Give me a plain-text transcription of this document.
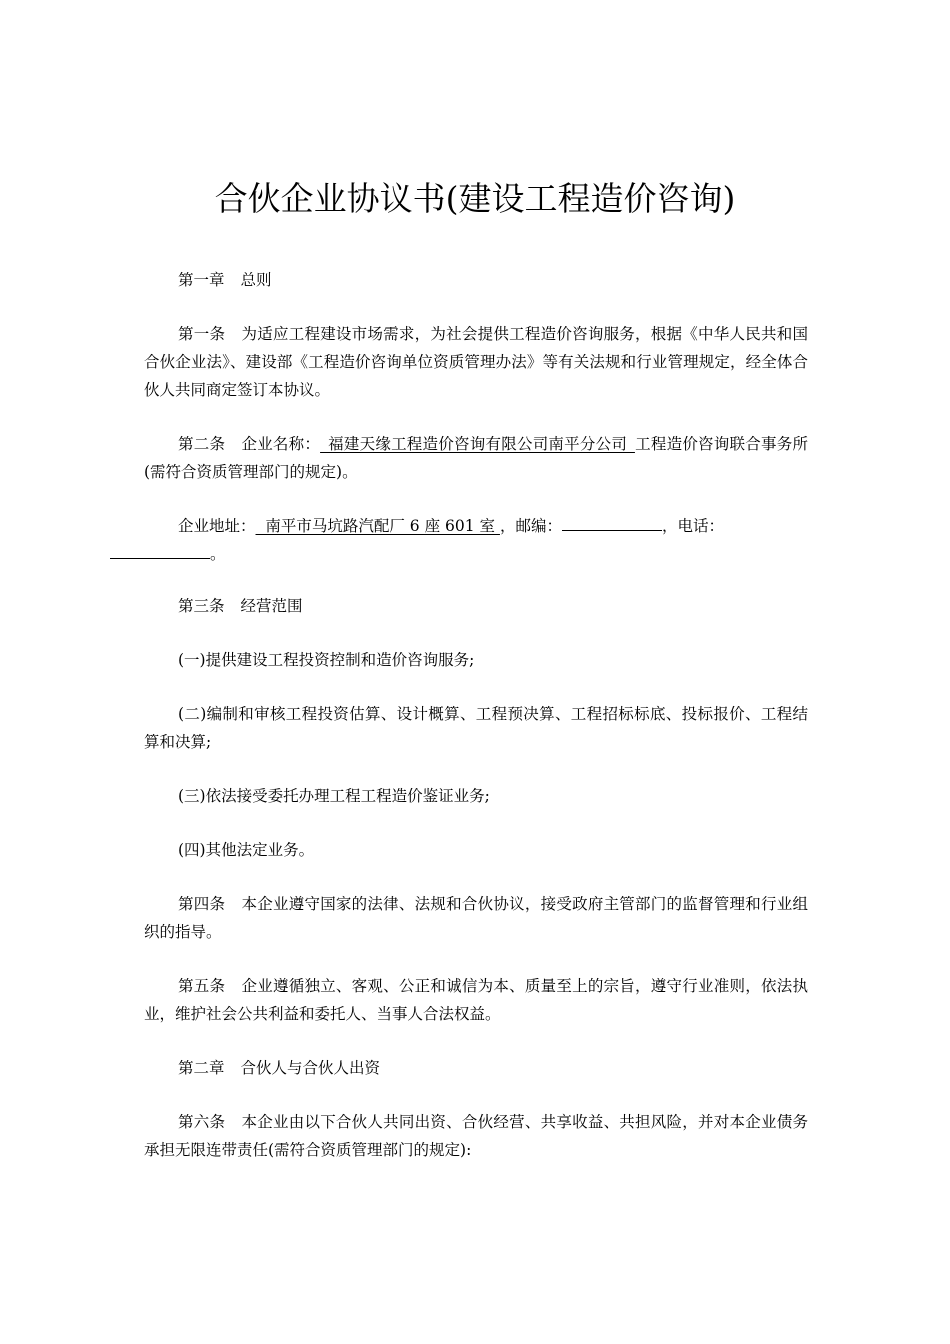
合伙企业协议书(建设工程造价咨询)

第一章 总则

第一条 为适应工程建设市场需求，为社会提供工程造价咨询服务，根据《中华人民共和国合伙企业法》、建设部《工程造价咨询单位资质管理办法》等有关法规和行业管理规定，经全体合伙人共同商定签订本协议。

第二条 企业名称：_福建天缘工程造价咨询有限公司南平分公司_工程造价咨询联合事务所(需符合资质管理部门的规定)。

企业地址：  南平市马坑路汽配厂 6 座 601 室 ，邮编：	，电话：
。

第三条 经营范围

(一)提供建设工程投资控制和造价咨询服务;

(二)编制和审核工程投资估算、设计概算、工程预决算、工程招标标底、投标报价、工程结算和决算;

(三)依法接受委托办理工程工程造价鉴证业务;

(四)其他法定业务。

第四条 本企业遵守国家的法律、法规和合伙协议，接受政府主管部门的监督管理和行业组织的指导。

第五条 企业遵循独立、客观、公正和诚信为本、质量至上的宗旨，遵守行业准则，依法执业，维护社会公共利益和委托人、当事人合法权益。

第二章 合伙人与合伙人出资

第六条 本企业由以下合伙人共同出资、合伙经营、共享收益、共担风险，并对本企业债务承担无限连带责任(需符合资质管理部门的规定):
